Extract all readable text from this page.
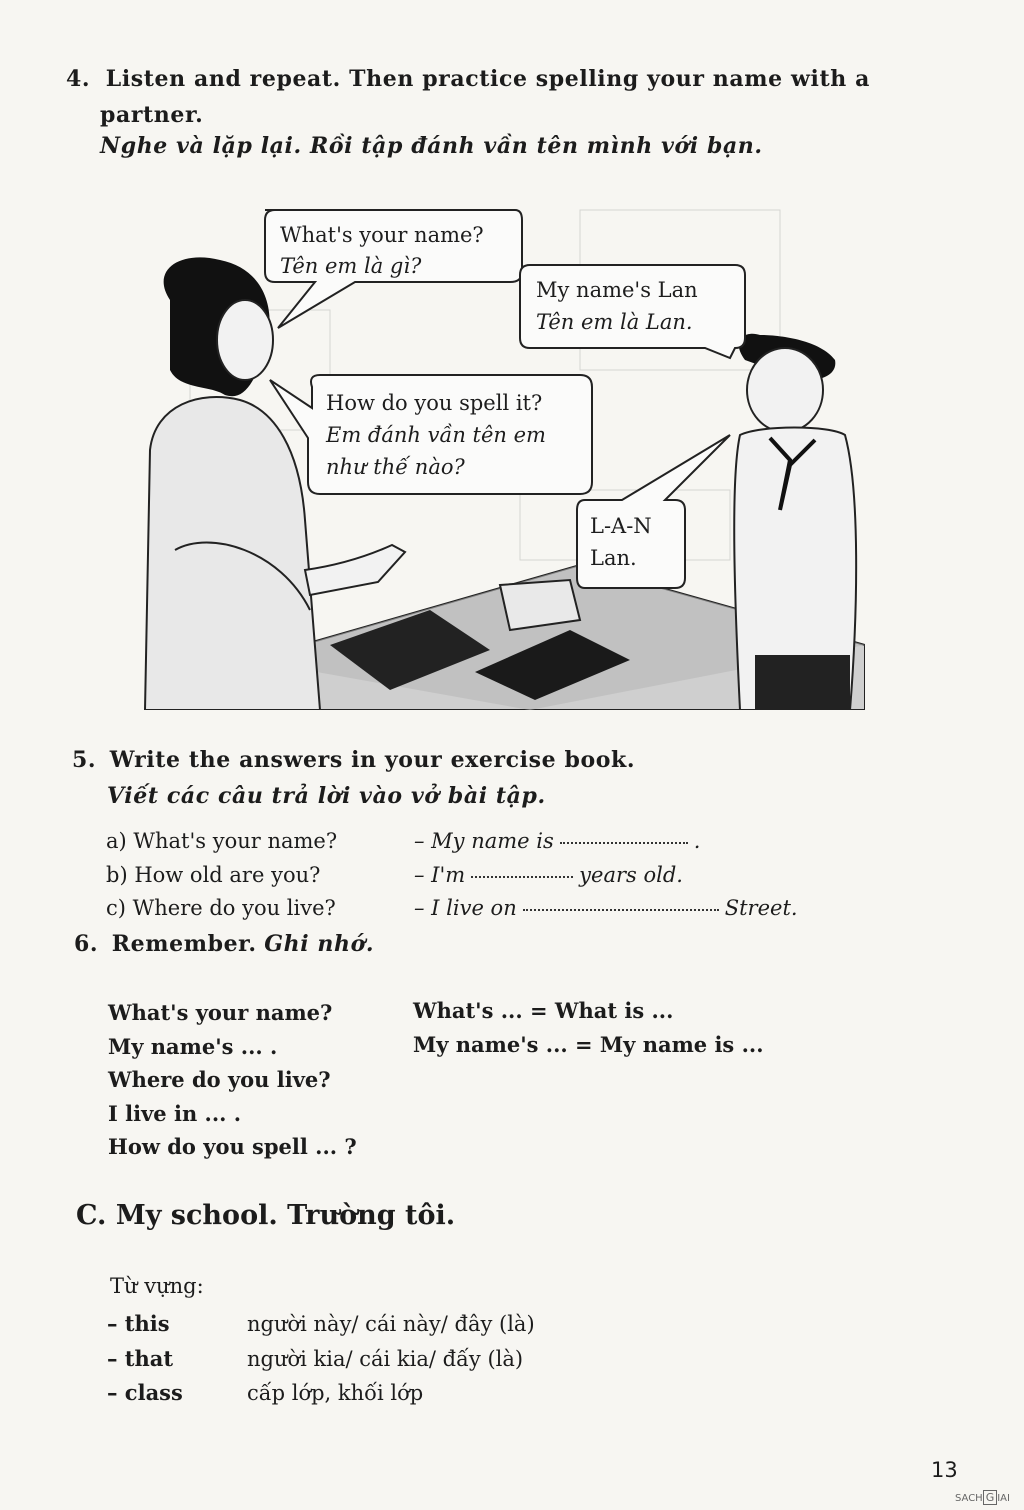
4. Listen and repeat. Then practice spelling your name with a
partner.
Nghe và lặp lại. Rồi tập đánh vần tên mình với bạn.
What's your name?
Tên em là gì?
My name's Lan
Tên em là Lan.
How do you spell it?
Em đánh vần tên em
như thế nào?
L-A-N
Lan.
5. Write the answers in your exercise book.
Viết các câu trả lời vào vở bài tập.
a) What's your name?	– My name is	.
b) How old are you?	– I'm	years old.
c) Where do you live?	– I live on	Street.
6. Remember. Ghi nhớ.
What's your name?
My name's ... .
Where do you live?
I live in ... .
How do you spell ... ?
What's ... = What is ...
My name's ... = My name is ...
C. My school. Trường tôi.
Từ vựng:
– this	người này/ cái này/ đây (là)
– that	người kia/ cái kia/ đấy (là)
– class	cấp lớp, khối lớp
13
SACH G IAI
